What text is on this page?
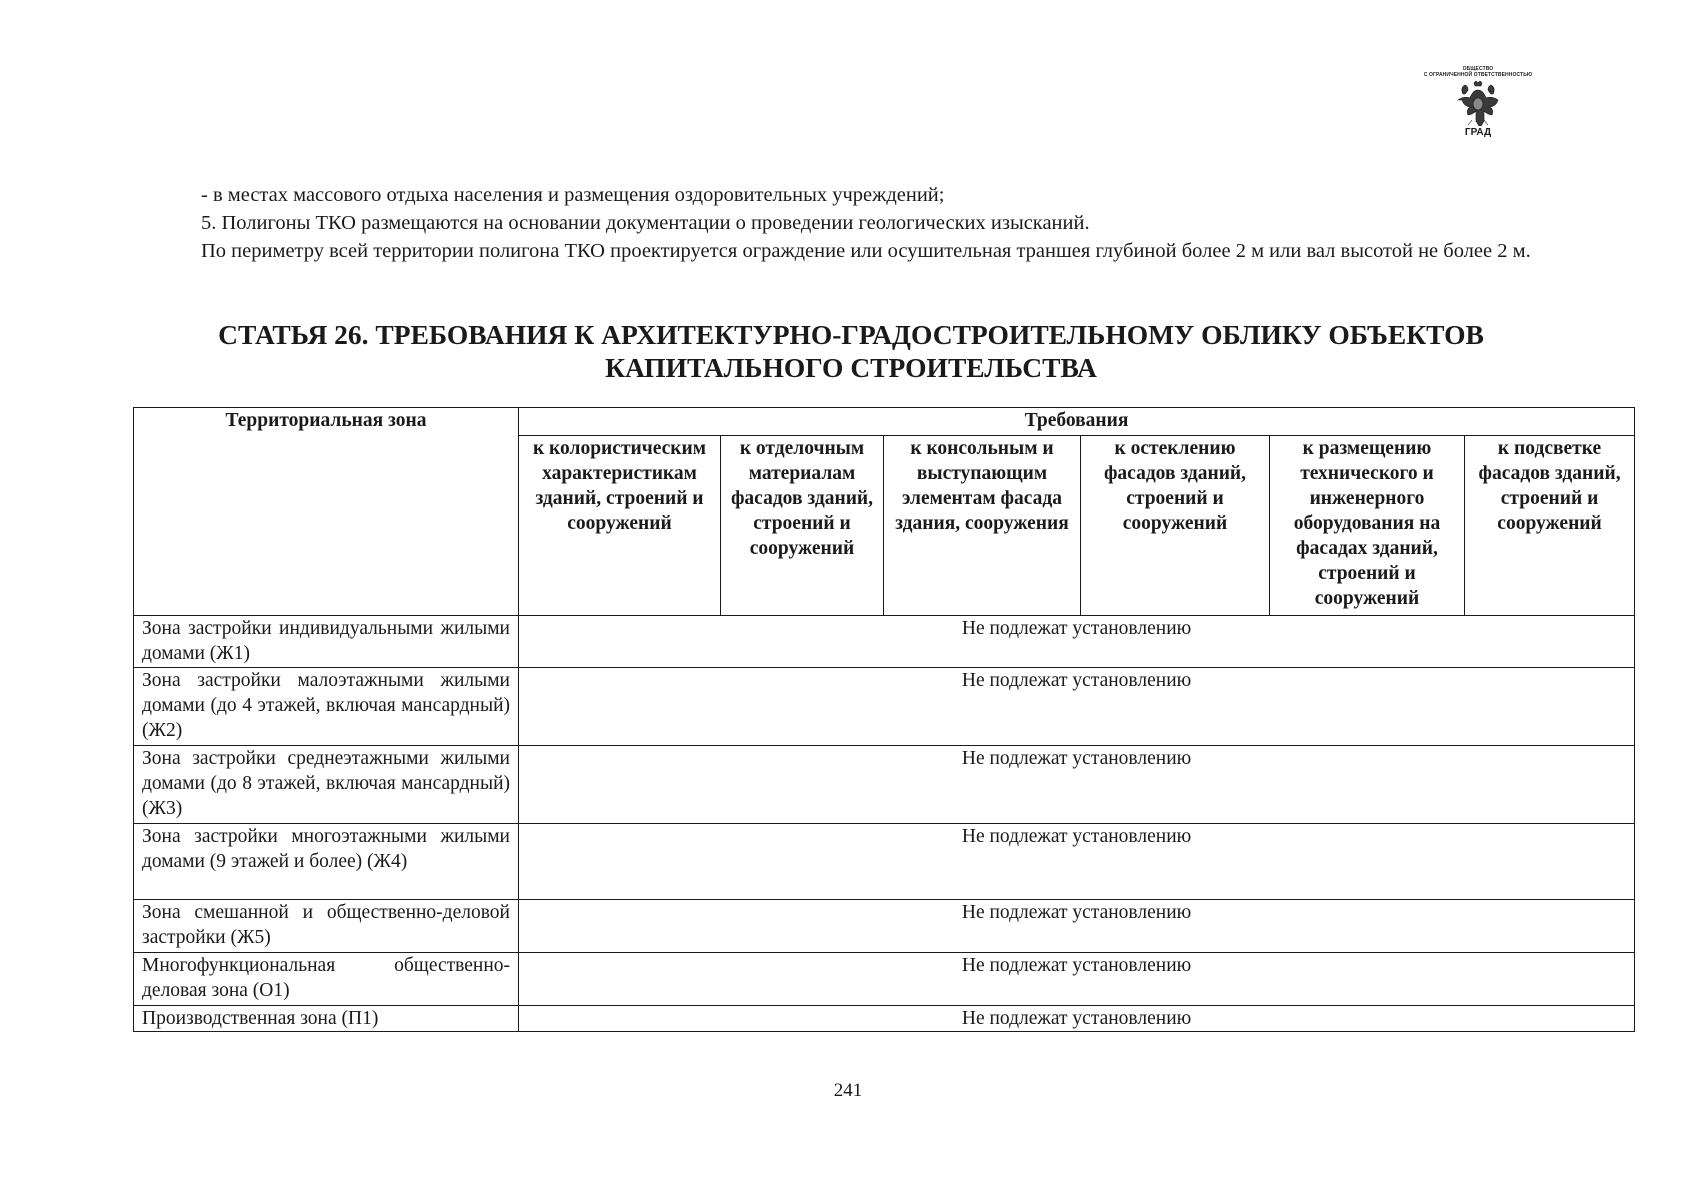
ОБЩЕСТВО
С ОГРАНИЧЕННОЙ ОТВЕТСТВЕННОСТЬЮ
ГРАД

- в местах массового отдыха населения и размещения оздоровительных учреждений;

5. Полигоны ТКО размещаются на основании документации о проведении геологических изысканий.

По периметру всей территории полигона ТКО проектируется ограждение или осушительная траншея глубиной более 2 м или вал высотой не более 2 м.

СТАТЬЯ 26. ТРЕБОВАНИЯ К АРХИТЕКТУРНО-ГРАДОСТРОИТЕЛЬНОМУ ОБЛИКУ ОБЪЕКТОВ
КАПИТАЛЬНОГО СТРОИТЕЛЬСТВА
Территориальная зона	Требования					
	к колористическим характеристикам зданий, строений и сооружений	к отделочным материалам фасадов зданий, строений и сооружений	к консольным и выступающим элементам фасада здания, сооружения	к остеклению фасадов зданий, строений и сооружений	к размещению технического и инженерного оборудования на фасадах зданий, строений и сооружений	к подсветке фасадов зданий, строений и сооружений
Зона застройки индивидуальными жилыми домами (Ж1)	Не подлежат установлению					
Зона застройки малоэтажными жилыми домами (до 4 этажей, включая мансардный) (Ж2)	Не подлежат установлению					
Зона застройки среднеэтажными жилыми домами (до 8 этажей, включая мансардный) (Ж3)	Не подлежат установлению					
Зона застройки многоэтажными жилыми домами (9 этажей и более) (Ж4)	Не подлежат установлению					
Зона смешанной и общественно-деловой застройки (Ж5)	Не подлежат установлению					
Многофункциональная общественно-деловая зона (О1)	Не подлежат установлению					
Производственная зона (П1)	Не подлежат установлению					
241
